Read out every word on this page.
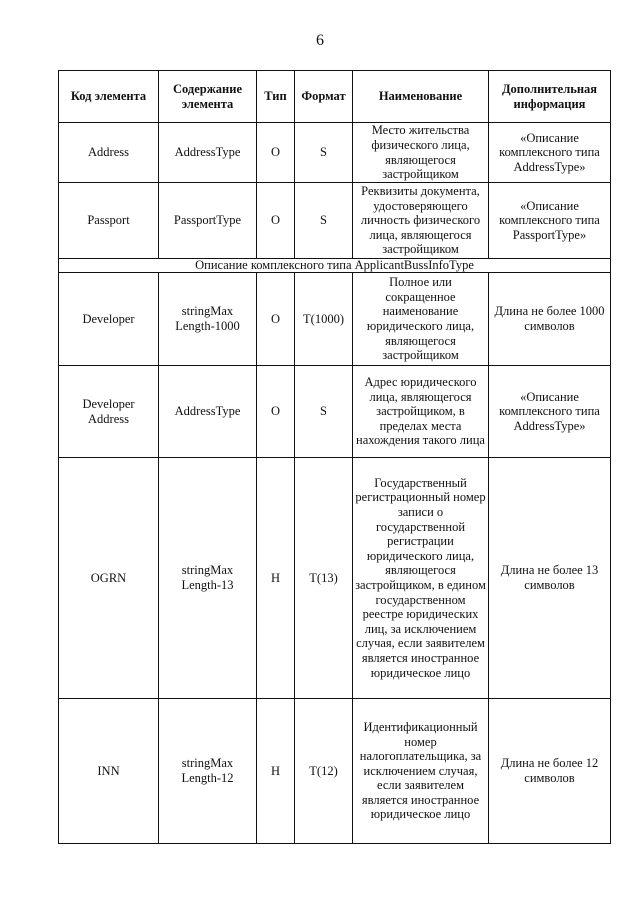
6
Код элемента	Содержание элемента	Тип	Формат	Наименование	Дополнительная информация
Address	AddressType	О	S	Место жительства физического лица, являющегося застройщиком	«Описание комплексного типа AddressType»
Passport	PassportType	О	S	Реквизиты документа, удостоверяющего личность физического лица, являющегося застройщиком	«Описание комплексного типа PassportType»
Описание комплексного типа ApplicantBussInfoType					
Developer	stringMax Length-1000	О	T(1000)	Полное или сокращенное наименование юридического лица, являющегося застройщиком	Длина не более 1000 символов
Developer Address	AddressType	О	S	Адрес юридического лица, являющегося застройщиком, в пределах места нахождения такого лица	«Описание комплексного типа AddressType»
OGRN	stringMax Length-13	Н	T(13)	Государственный регистрационный номер записи о государственной регистрации юридического лица, являющегося застройщиком, в едином государственном реестре юридических лиц, за исключением случая, если заявителем является иностранное юридическое лицо	Длина не более 13 символов
INN	stringMax Length-12	Н	T(12)	Идентификационный номер налогоплательщика, за исключением случая, если заявителем является иностранное юридическое лицо	Длина не более 12 символов
